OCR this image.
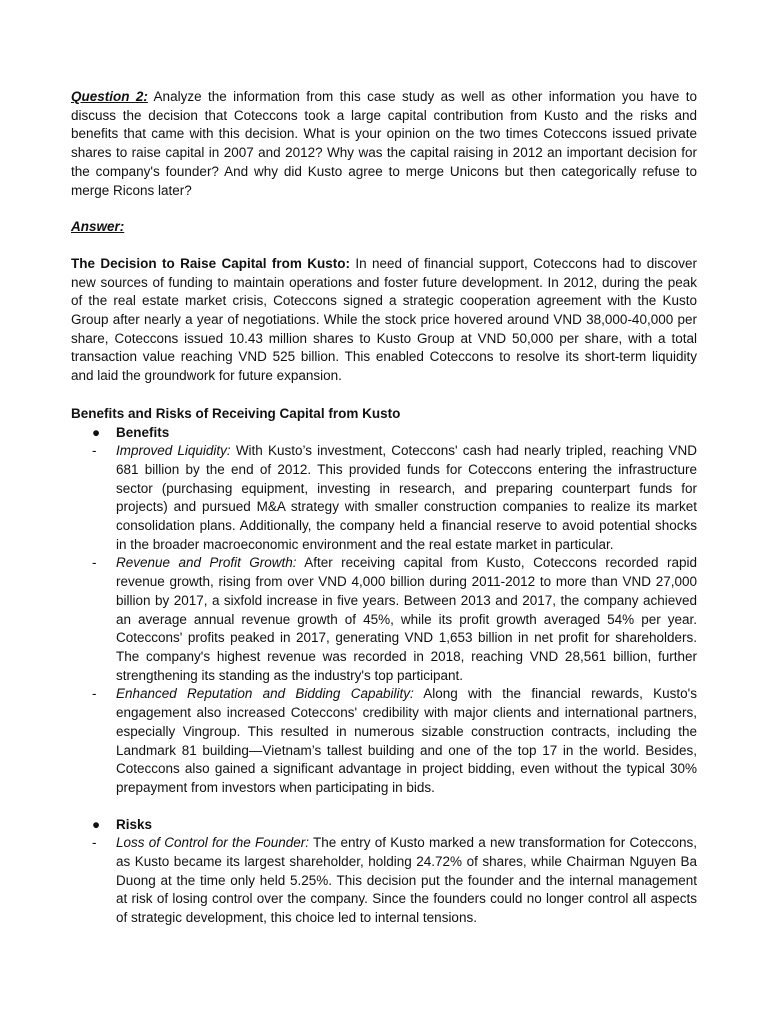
Question 2: Analyze the information from this case study as well as other information you have to discuss the decision that Coteccons took a large capital contribution from Kusto and the risks and benefits that came with this decision. What is your opinion on the two times Coteccons issued private shares to raise capital in 2007 and 2012? Why was the capital raising in 2012 an important decision for the company's founder? And why did Kusto agree to merge Unicons but then categorically refuse to merge Ricons later?

Answer:

The Decision to Raise Capital from Kusto: In need of financial support, Coteccons had to discover new sources of funding to maintain operations and foster future development. In 2012, during the peak of the real estate market crisis, Coteccons signed a strategic cooperation agreement with the Kusto Group after nearly a year of negotiations. While the stock price hovered around VND 38,000-40,000 per share, Coteccons issued 10.43 million shares to Kusto Group at VND 50,000 per share, with a total transaction value reaching VND 525 billion. This enabled Coteccons to resolve its short-term liquidity and laid the groundwork for future expansion.

Benefits and Risks of Receiving Capital from Kusto
● Benefits
- Improved Liquidity: With Kusto’s investment, Coteccons' cash had nearly tripled, reaching VND 681 billion by the end of 2012. This provided funds for Coteccons entering the infrastructure sector (purchasing equipment, investing in research, and preparing counterpart funds for projects) and pursued M&A strategy with smaller construction companies to realize its market consolidation plans. Additionally, the company held a financial reserve to avoid potential shocks in the broader macroeconomic environment and the real estate market in particular.
- Revenue and Profit Growth: After receiving capital from Kusto, Coteccons recorded rapid revenue growth, rising from over VND 4,000 billion during 2011-2012 to more than VND 27,000 billion by 2017, a sixfold increase in five years. Between 2013 and 2017, the company achieved an average annual revenue growth of 45%, while its profit growth averaged 54% per year. Coteccons' profits peaked in 2017, generating VND 1,653 billion in net profit for shareholders. The company's highest revenue was recorded in 2018, reaching VND 28,561 billion, further strengthening its standing as the industry's top participant.
- Enhanced Reputation and Bidding Capability: Along with the financial rewards, Kusto's engagement also increased Coteccons' credibility with major clients and international partners, especially Vingroup. This resulted in numerous sizable construction contracts, including the Landmark 81 building—Vietnam’s tallest building and one of the top 17 in the world. Besides, Coteccons also gained a significant advantage in project bidding, even without the typical 30% prepayment from investors when participating in bids.
● Risks
- Loss of Control for the Founder: The entry of Kusto marked a new transformation for Coteccons, as Kusto became its largest shareholder, holding 24.72% of shares, while Chairman Nguyen Ba Duong at the time only held 5.25%. This decision put the founder and the internal management at risk of losing control over the company. Since the founders could no longer control all aspects of strategic development, this choice led to internal tensions.
